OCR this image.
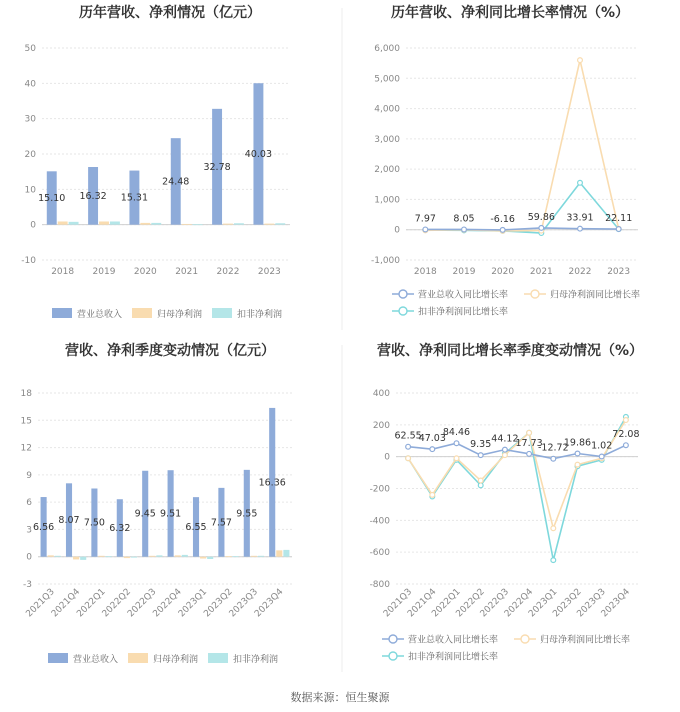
历年营收、净利情况（亿元）
-10
0
10
20
30
40
50
2018 2019 2020 2021 2022 2023
15.10 16.32 15.31
24.48
32.78
40.03
营业总收入	归母净利润	扣非净利润
历年营收、净利同比增长率情况（%）
-1,000
0
1,000
2,000
3,000
4,000
5,000
6,000
2018 2019 2020 2021 2022 2023
7.97 8.05 -6.16 59.86 33.91 22.11
营业总收入同比增长率	归母净利润同比增长率
扣非净利润同比增长率
营收、净利季度变动情况（亿元）
-3
0
3
6
9
12
15
18
2021Q3
2021Q4
2022Q1
2022Q2
2022Q3
2022Q4
2023Q1
2023Q2
2023Q3
2023Q4
6.56
8.07 7.50 6.32
9.45 9.51
6.55 7.57
9.55
16.36
营业总收入	归母净利润	扣非净利润
营收、净利同比增长率季度变动情况（%）
-800
-600
-400
-200
0
200
400
2021Q3
2021Q4
2022Q1
2022Q2
2022Q3
2022Q4
2023Q1
2023Q2
2023Q3
2023Q4
62.55
47.03
84.46
9.35
44.12
17.73
-12.72
19.86 1.02
72.08
营业总收入同比增长率	归母净利润同比增长率
扣非净利润同比增长率
数据来源：恒生聚源
